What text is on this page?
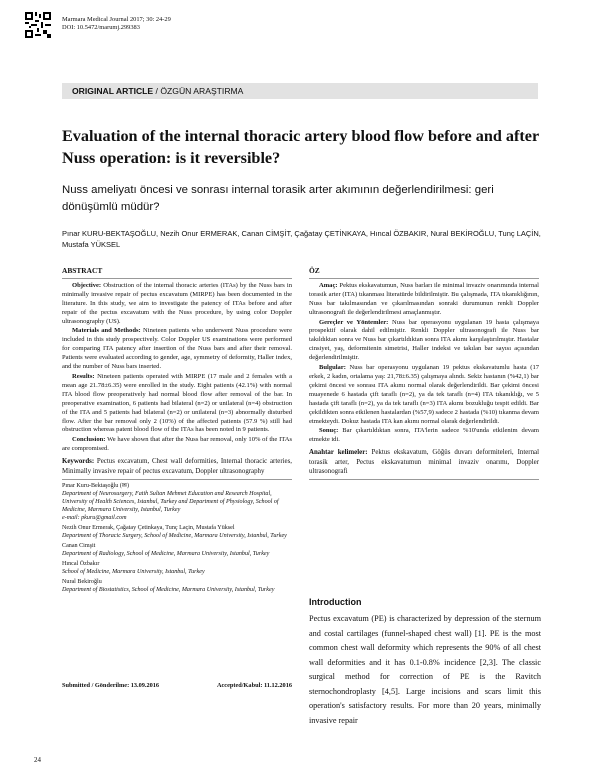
Marmara Medical Journal 2017; 30: 24-29
DOI: 10.5472/marumj.299383
ORIGINAL ARTICLE / ÖZGÜN ARAŞTIRMA
Evaluation of the internal thoracic artery blood flow before and after Nuss operation: is it reversible?
Nuss ameliyatı öncesi ve sonrası internal torasik arter akımının değerlendirilmesi: geri dönüşümlü müdür?
Pınar KURU-BEKTAŞOĞLU, Nezih Onur ERMERAK, Canan CİMŞİT, Çağatay ÇETİNKAYA, Hıncal ÖZBAKIR, Nural BEKİROĞLU, Tunç LAÇİN, Mustafa YÜKSEL
ABSTRACT

Objective: Obstruction of the internal thoracic arteries (ITAs) by the Nuss bars in minimally invasive repair of pectus excavatum (MIRPE) has been documented in the literature. In this study, we aim to investigate the patency of ITAs before and after repair of the pectus excavatum with the Nuss procedure, by using color Doppler ultrasonography (US).

Materials and Methods: Nineteen patients who underwent Nuss procedure were included in this study prospectively. Color Doppler US examinations were performed for comparing ITA patency after insertion of the Nuss bars and after their removal. Patients were evaluated according to gender, age, symmetry of deformity, Haller index, and the number of Nuss bars inserted.

Results: Nineteen patients operated with MIRPE (17 male and 2 females with a mean age 21.78±6.35) were enrolled in the study. Eight patients (42.1%) with normal ITA blood flow preoperatively had normal blood flow after removal of the bar. In preoperative examination, 6 patients had bilateral (n=2) or unilateral (n=4) obstruction of the ITA and 5 patients had bilateral (n=2) or unilateral (n=3) abnormally disturbed flow. After the bar removal only 2 (10%) of the affected patients (57.9 %) still had obstruction whereas patent blood flow of the ITAs has been noted in 9 patients.

Conclusion: We have shown that after the Nuss bar removal, only 10% of the ITAs are compromised.

Keywords: Pectus excavatum, Chest wall deformities, Internal thoracic arteries, Minimally invasive repair of pectus excavatum, Doppler ultrasonography

Pınar Kuru-Bektaşoğlu (✉)
Department of Neurosurgery, Fatih Sultan Mehmet Education and Research Hospital, University of Health Sciences, Istanbul, Turkey and Department of Physiology, School of Medicine, Marmara University, Istanbul, Turkey
e-mail: pkuru@gmail.com

Nezih Onur Ermerak, Çağatay Çetinkaya, Tunç Laçin, Mustafa Yüksel
Department of Thoracic Surgery, School of Medicine, Marmara University, Istanbul, Turkey

Canan Cimşit
Department of Radiology, School of Medicine, Marmara University, Istanbul, Turkey

Hıncal Özbakır
School of Medicine, Marmara University, Istanbul, Turkey

Nural Bekiroğlu
Department of Biostatistics, School of Medicine, Marmara University, Istanbul, Turkey

Submitted / Gönderilme: 13.09.2016	Accepted/Kabul: 11.12.2016
ÖZ

Amaç: Pektus ekskavatumun, Nuss barları ile minimal invaziv onarımında internal torasik arter (ITA) tıkanması literatürde bildirilmiştir. Bu çalışmada, ITA tıkanıklığının, Nuss bar takılmasından ve çıkarılmasından sonraki durumunun renkli Doppler ultrasonografi ile değerlendirilmesi amaçlanmıştır.

Gereçler ve Yöntemler: Nuss bar operasyonu uygulanan 19 hasta çalışmaya prospektif olarak dahil edilmiştir. Renkli Doppler ultrasonografi ile Nuss bar takıldıktan sonra ve Nuss bar çıkartıldıktan sonra ITA akımı karşılaştırılmıştır. Hastalar cinsiyet, yaş, deformitenin simetrisi, Haller indeksi ve takılan bar sayısı açısından değerlendirilmiştir.

Bulgular: Nuss bar operasyonu uygulanan 19 pektus ekskavatumlu hasta (17 erkek, 2 kadın, ortalama yaş: 21,78±6.35) çalışmaya alındı. Sekiz hastanın (%42,1) bar çekimi öncesi ve sonrası ITA akımı normal olarak değerlendirildi. Bar çekimi öncesi muayenede 6 hastada çift taraflı (n=2), ya da tek taraflı (n=4) ITA tıkanıklığı, ve 5 hastada çift taraflı (n=2), ya da tek taraflı (n=3) ITA akımı bozukluğu tespit edildi. Bar çekildikten sonra etkilenen hastalardan (%57,9) sadece 2 hastada (%10) tıkanma devam etmekteydi. Dokuz hastada ITA kan akımı normal olarak değerlendirildi.

Sonuç: Bar çıkartıldıktan sonra, ITA'lerin sadece %10'unda etkilenim devam etmekte idi.

Anahtar kelimeler: Pektus ekskavatum, Göğüs duvarı deformiteleri, Internal torasik arter, Pectus ekskavatumun minimal invaziv onarımı, Doppler ultrasonografi

Introduction

Pectus excavatum (PE) is characterized by depression of the sternum and costal cartilages (funnel-shaped chest wall) [1]. PE is the most common chest wall deformity which represents the 90% of all chest wall deformities and it has 0.1-0.8% incidence [2,3]. The classic surgical method for correction of PE is the Ravitch sternochondroplasty [4,5]. Large incisions and scars limit this operation's satisfactory results. For more than 20 years, minimally invasive repair

24
